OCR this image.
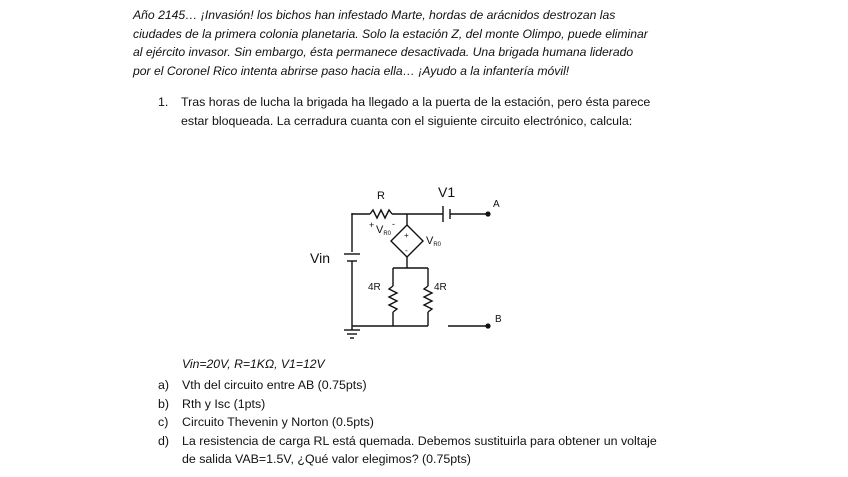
Año 2145… ¡Invasión! los bichos han infestado Marte, hordas de arácnidos destrozan las
ciudades de la primera colonia planetaria. Solo la estación Z, del monte Olimpo, puede eliminar
al ejército invasor. Sin embargo, ésta permanece desactivada. Una brigada humana liderado
por el Coronel Rico intenta abrirse paso hacia ella… ¡Ayudo a la infantería móvil!
1. Tras horas de lucha la brigada ha llegado a la puerta de la estación, pero ésta parece
estar bloqueada. La cerradura cuanta con el siguiente circuito electrónico, calcula:
R	V1
A
B
Vin
+ -
VR0
VR0
+
-
4R	4R
Vin=20V, R=1KΩ, V1=12V
a) Vth del circuito entre AB (0.75pts)
b) Rth y Isc (1pts)
c) Circuito Thevenin y Norton (0.5pts)
d) La resistencia de carga RL está quemada. Debemos sustituirla para obtener un voltaje
de salida VAB=1.5V, ¿Qué valor elegimos? (0.75pts)
